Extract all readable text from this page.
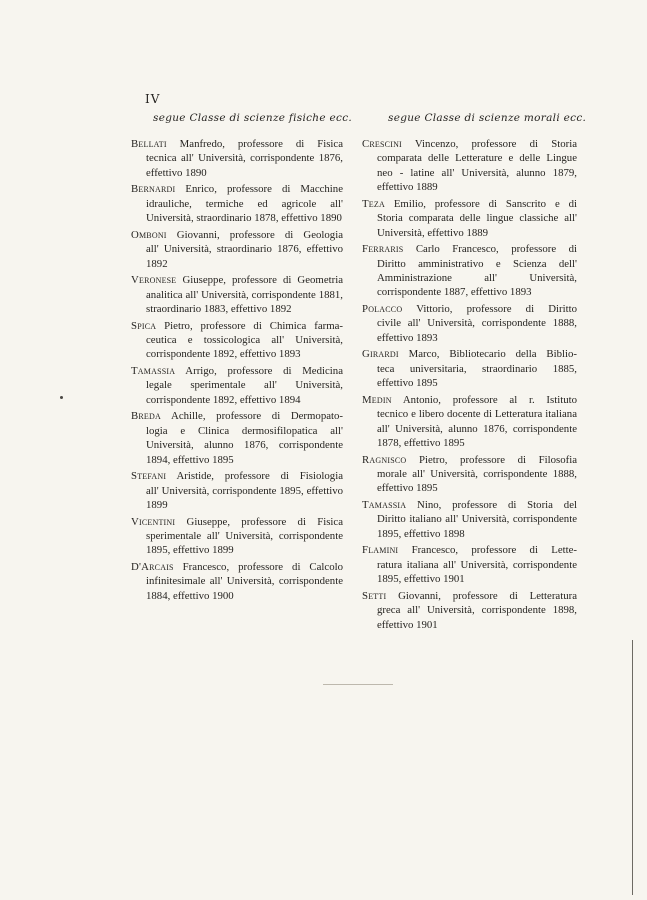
IV
segue Classe di scienze fisiche ecc.	segue Classe di scienze morali ecc.
Bellati Manfredo, professore di Fisica
tecnica all' Università, corrispondente 1876, effettivo 1890
Bernardi Enrico, professore di Macchine
idrauliche, termiche ed agricole all' Università, straordinario 1878, effettivo 1890
Omboni Giovanni, professore di Geologia
all' Università, straordinario 1876, effettivo 1892
Veronese Giuseppe, professore di Geometria
analitica all' Università, corrispondente 1881, straordinario 1883, effettivo 1892
Spica Pietro, professore di Chimica farma-
ceutica e tossicologica all' Università, corrispondente 1892, effettivo 1893
Tamassia Arrigo, professore di Medicina
legale sperimentale all' Università, corrispondente 1892, effettivo 1894
Breda Achille, professore di Dermopato-
logia e Clinica dermosifilopatica all' Università, alunno 1876, corrispondente 1894, effettivo 1895
Stefani Aristide, professore di Fisiologia
all' Università, corrispondente 1895, effettivo 1899
Vicentini Giuseppe, professore di Fisica
sperimentale all' Università, corrispondente 1895, effettivo 1899
D'Arcais Francesco, professore di Calcolo
infinitesimale all' Università, corrispondente 1884, effettivo 1900
Crescini Vincenzo, professore di Storia
comparata delle Letterature e delle Lingue neo - latine all' Università, alunno 1879, effettivo 1889
Teza Emilio, professore di Sanscrito e di
Storia comparata delle lingue classiche all' Università, effettivo 1889
Ferraris Carlo Francesco, professore di
Diritto amministrativo e Scienza dell' Amministrazione all' Università, corrispondente 1887, effettivo 1893
Polacco Vittorio, professore di Diritto
civile all' Università, corrispondente 1888, effettivo 1893
Girardi Marco, Bibliotecario della Biblio-
teca universitaria, straordinario 1885, effettivo 1895
Medin Antonio, professore al r. Istituto
tecnico e libero docente di Letteratura italiana all' Università, alunno 1876, corrispondente 1878, effettivo 1895
Ragnisco Pietro, professore di Filosofia
morale all' Università, corrispondente 1888, effettivo 1895
Tamassia Nino, professore di Storia del
Diritto italiano all' Università, corrispondente 1895, effettivo 1898
Flamini Francesco, professore di Lette-
ratura italiana all' Università, corrispondente 1895, effettivo 1901
Setti Giovanni, professore di Letteratura
greca all' Università, corrispondente 1898, effettivo 1901
